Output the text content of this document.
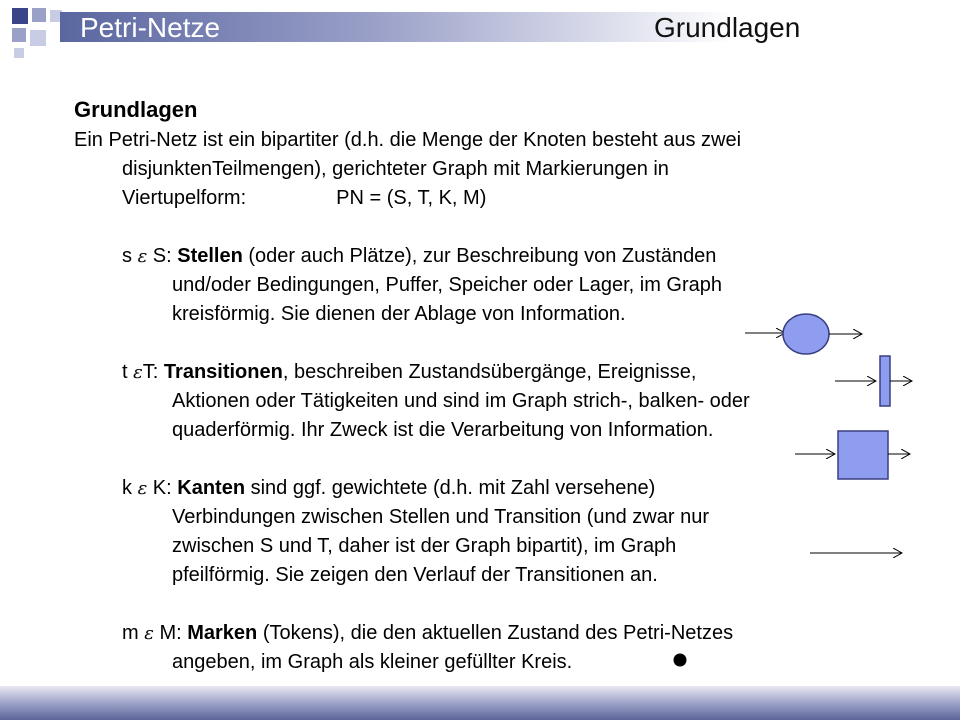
Petri-Netze	Grundlagen
Grundlagen
Ein Petri-Netz ist ein bipartiter (d.h. die Menge der Knoten besteht aus zwei
disjunktenTeilmengen), gerichteter Graph mit Markierungen in
Viertupelform:	PN = (S, T, K, M)
s ε S: Stellen (oder auch Plätze), zur Beschreibung von Zuständen
und/oder Bedingungen, Puffer, Speicher oder Lager, im Graph
kreisförmig. Sie dienen der Ablage von Information.
t εT: Transitionen, beschreiben Zustandsübergänge, Ereignisse,
Aktionen oder Tätigkeiten und sind im Graph strich-, balken- oder
quaderförmig. Ihr Zweck ist die Verarbeitung von Information.
k ε K: Kanten sind ggf. gewichtete (d.h. mit Zahl versehene)
Verbindungen zwischen Stellen und Transition (und zwar nur
zwischen S und T, daher ist der Graph bipartit), im Graph
pfeilförmig. Sie zeigen den Verlauf der Transitionen an.
m ε M: Marken (Tokens), die den aktuellen Zustand des Petri-Netzes
angeben, im Graph als kleiner gefüllter Kreis.
